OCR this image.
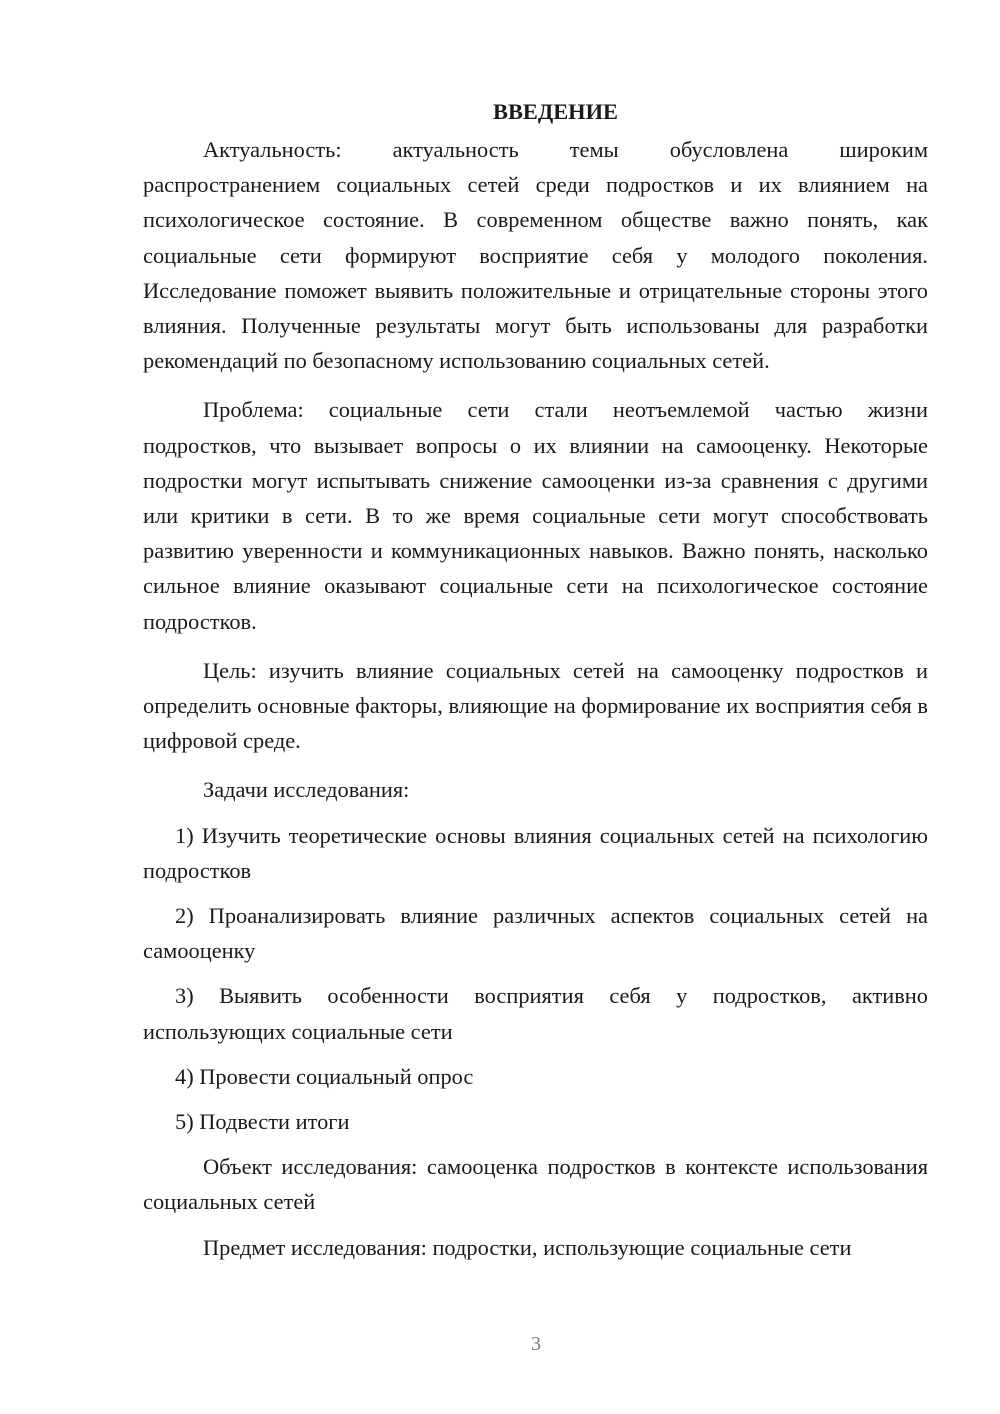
ВВЕДЕНИЕ

Актуальность: актуальность темы обусловлена широким распространением социальных сетей среди подростков и их влиянием на психологическое состояние. В современном обществе важно понять, как социальные сети формируют восприятие себя у молодого поколения. Исследование поможет выявить положительные и отрицательные стороны этого влияния. Полученные результаты могут быть использованы для разработки рекомендаций по безопасному использованию социальных сетей.

Проблема: социальные сети стали неотъемлемой частью жизни подростков, что вызывает вопросы о их влиянии на самооценку. Некоторые подростки могут испытывать снижение самооценки из-за сравнения с другими или критики в сети. В то же время социальные сети могут способствовать развитию уверенности и коммуникационных навыков. Важно понять, насколько сильное влияние оказывают социальные сети на психологическое состояние подростков.

Цель: изучить влияние социальных сетей на самооценку подростков и определить основные факторы, влияющие на формирование их восприятия себя в цифровой среде.

Задачи исследования:

1) Изучить теоретические основы влияния социальных сетей на психологию подростков

2) Проанализировать влияние различных аспектов социальных сетей на самооценку

3) Выявить особенности восприятия себя у подростков, активно использующих социальные сети

4) Провести социальный опрос

5) Подвести итоги

Объект исследования: самооценка подростков в контексте использования социальных сетей

Предмет исследования: подростки, использующие социальные сети

3
